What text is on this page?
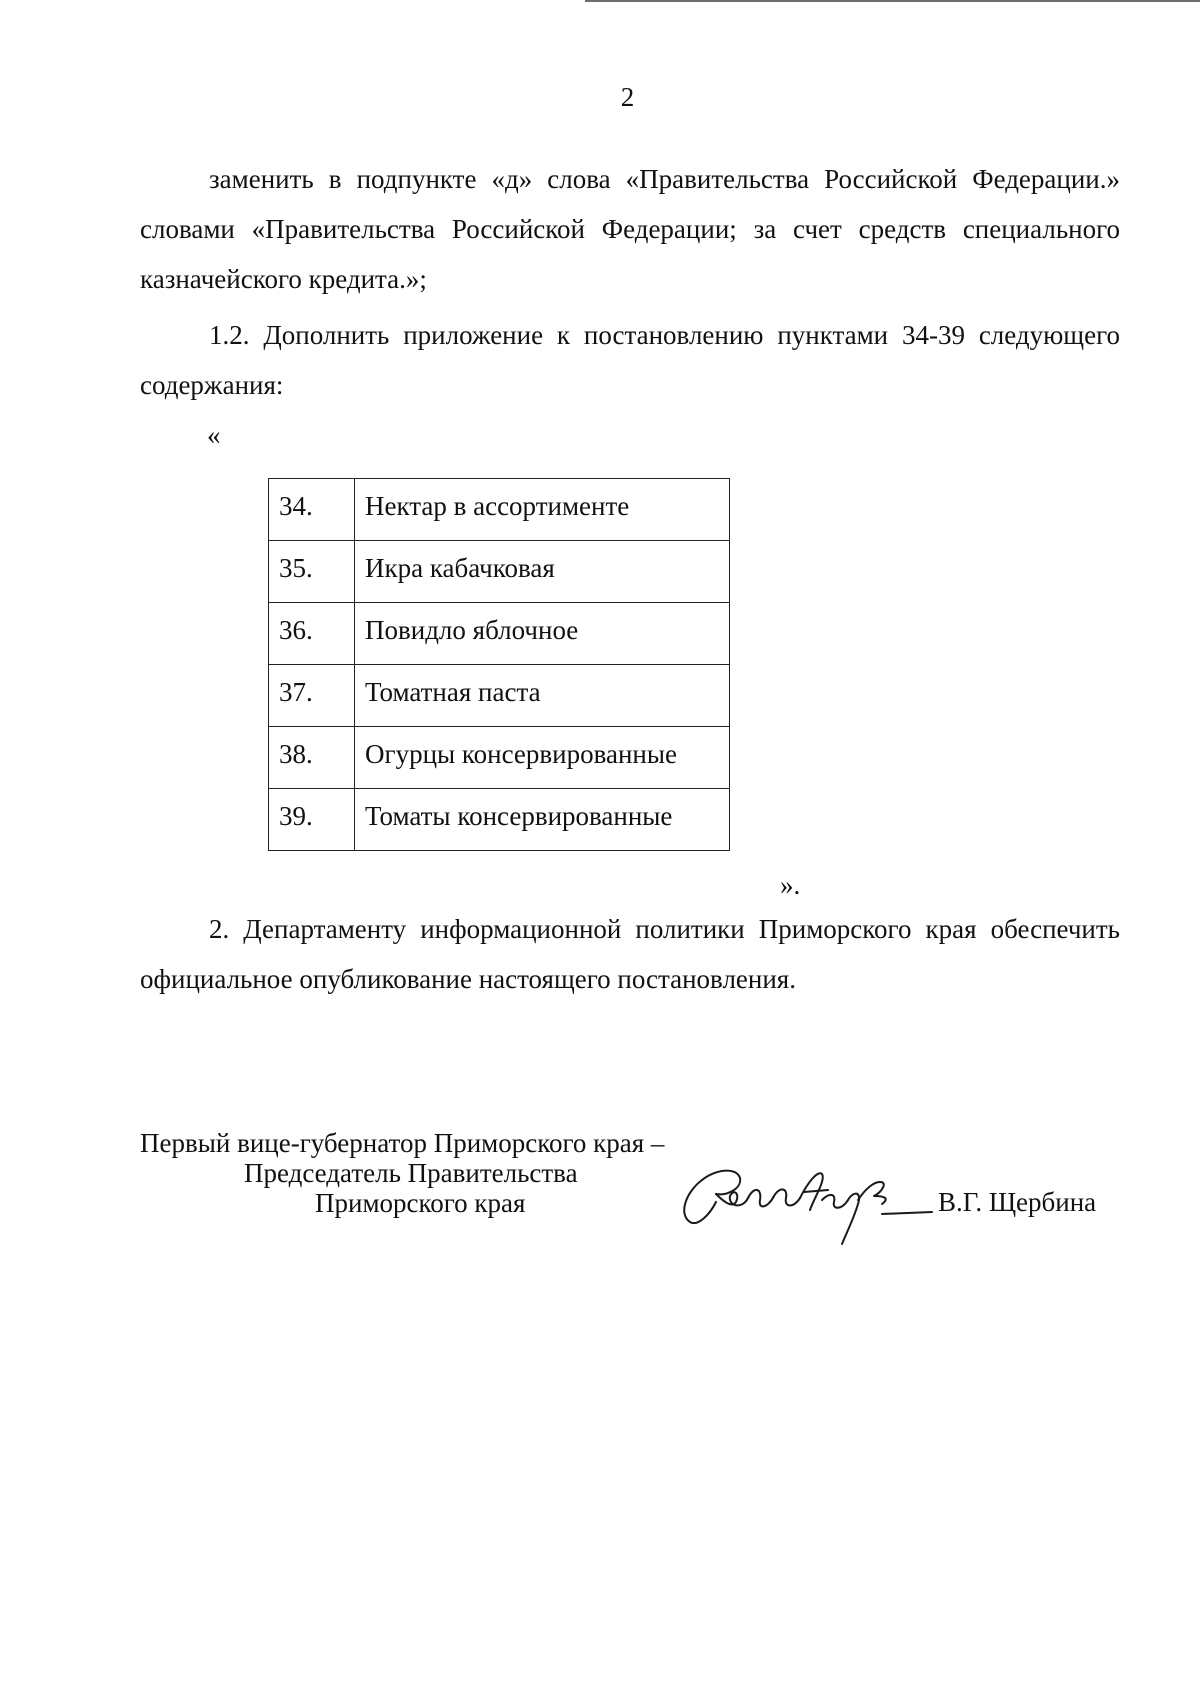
2
заменить в подпункте «д» слова «Правительства Российской Федерации.»
словами «Правительства Российской Федерации; за счет средств специального
казначейского кредита.»;
1.2. Дополнить приложение к постановлению пунктами 34-39 следующего
содержания:
«
34.	Нектар в ассортименте
35.	Икра кабачковая
36.	Повидло яблочное
37.	Томатная паста
38.	Огурцы консервированные
39.	Томаты консервированные
».
2. Департаменту информационной политики Приморского края обеспечить
официальное опубликование настоящего постановления.
Первый вице-губернатор Приморского края –
Председатель Правительства
Приморского края	В.Г. Щербина
